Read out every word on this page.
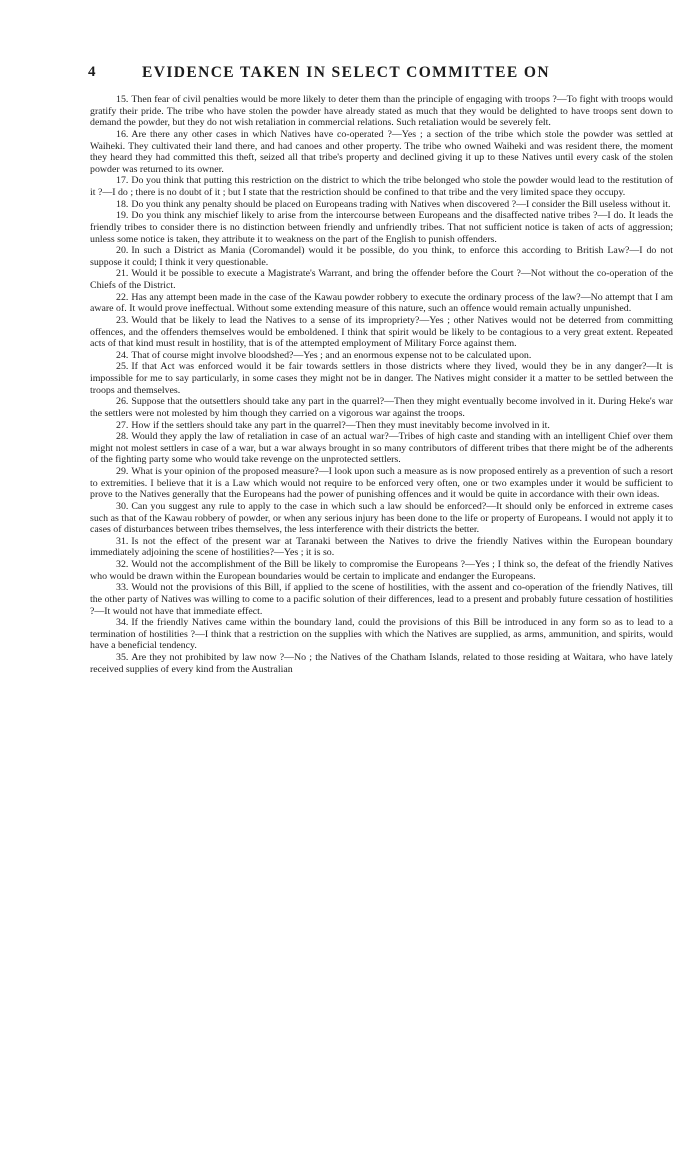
4	EVIDENCE TAKEN IN SELECT COMMITTEE ON

15. Then fear of civil penalties would be more likely to deter them than the principle of engaging with troops ?—To fight with troops would gratify their pride. The tribe who have stolen the powder have already stated as much that they would be delighted to have troops sent down to demand the powder, but they do not wish retaliation in commercial relations. Such retaliation would be severely felt.

16. Are there any other cases in which Natives have co-operated ?—Yes ; a section of the tribe which stole the powder was settled at Waiheki. They cultivated their land there, and had canoes and other property. The tribe who owned Waiheki and was resident there, the moment they heard they had committed this theft, seized all that tribe's property and declined giving it up to these Natives until every cask of the stolen powder was returned to its owner.

17. Do you think that putting this restriction on the district to which the tribe belonged who stole the powder would lead to the restitution of it ?—I do ; there is no doubt of it ; but I state that the restriction should be confined to that tribe and the very limited space they occupy.

18. Do you think any penalty should be placed on Europeans trading with Natives when discovered ?—I consider the Bill useless without it.

19. Do you think any mischief likely to arise from the intercourse between Europeans and the disaffected native tribes ?—I do. It leads the friendly tribes to consider there is no distinction between friendly and unfriendly tribes. That not sufficient notice is taken of acts of aggression; unless some notice is taken, they attribute it to weakness on the part of the English to punish offenders.

20. In such a District as Mania (Coromandel) would it be possible, do you think, to enforce this according to British Law?—I do not suppose it could; I think it very questionable.

21. Would it be possible to execute a Magistrate's Warrant, and bring the offender before the Court ?—Not without the co-operation of the Chiefs of the District.

22. Has any attempt been made in the case of the Kawau powder robbery to execute the ordinary process of the law?—No attempt that I am aware of. It would prove ineffectual. Without some extending measure of this nature, such an offence would remain actually unpunished.

23. Would that be likely to lead the Natives to a sense of its impropriety?—Yes ; other Natives would not be deterred from committing offences, and the offenders themselves would be emboldened. I think that spirit would be likely to be contagious to a very great extent. Repeated acts of that kind must result in hostility, that is of the attempted employment of Military Force against them.

24. That of course might involve bloodshed?—Yes ; and an enormous expense not to be calculated upon.

25. If that Act was enforced would it be fair towards settlers in those districts where they lived, would they be in any danger?—It is impossible for me to say particularly, in some cases they might not be in danger. The Natives might consider it a matter to be settled between the troops and themselves.

26. Suppose that the outsettlers should take any part in the quarrel?—Then they might eventually become involved in it. During Heke's war the settlers were not molested by him though they carried on a vigorous war against the troops.

27. How if the settlers should take any part in the quarrel?—Then they must inevitably become involved in it.

28. Would they apply the law of retaliation in case of an actual war?—Tribes of high caste and standing with an intelligent Chief over them might not molest settlers in case of a war, but a war always brought in so many contributors of different tribes that there might be of the adherents of the fighting party some who would take revenge on the unprotected settlers.

29. What is your opinion of the proposed measure?—I look upon such a measure as is now proposed entirely as a prevention of such a resort to extremities. I believe that it is a Law which would not require to be enforced very often, one or two examples under it would be sufficient to prove to the Natives generally that the Europeans had the power of punishing offences and it would be quite in accordance with their own ideas.

30. Can you suggest any rule to apply to the case in which such a law should be enforced?—It should only be enforced in extreme cases such as that of the Kawau robbery of powder, or when any serious injury has been done to the life or property of Europeans. I would not apply it to cases of disturbances between tribes themselves, the less interference with their districts the better.

31. Is not the effect of the present war at Taranaki between the Natives to drive the friendly Natives within the European boundary immediately adjoining the scene of hostilities?—Yes ; it is so.

32. Would not the accomplishment of the Bill be likely to compromise the Europeans ?—Yes ; I think so, the defeat of the friendly Natives who would be drawn within the European boundaries would be certain to implicate and endanger the Europeans.

33. Would not the provisions of this Bill, if applied to the scene of hostilities, with the assent and co-operation of the friendly Natives, till the other party of Natives was willing to come to a pacific solution of their differences, lead to a present and probably future cessation of hostilities ?—It would not have that immediate effect.

34. If the friendly Natives came within the boundary land, could the provisions of this Bill be introduced in any form so as to lead to a termination of hostilities ?—I think that a restriction on the supplies with which the Natives are supplied, as arms, ammunition, and spirits, would have a beneficial tendency.

35. Are they not prohibited by law now ?—No ; the Natives of the Chatham Islands, related to those residing at Waitara, who have lately received supplies of every kind from the Australian
